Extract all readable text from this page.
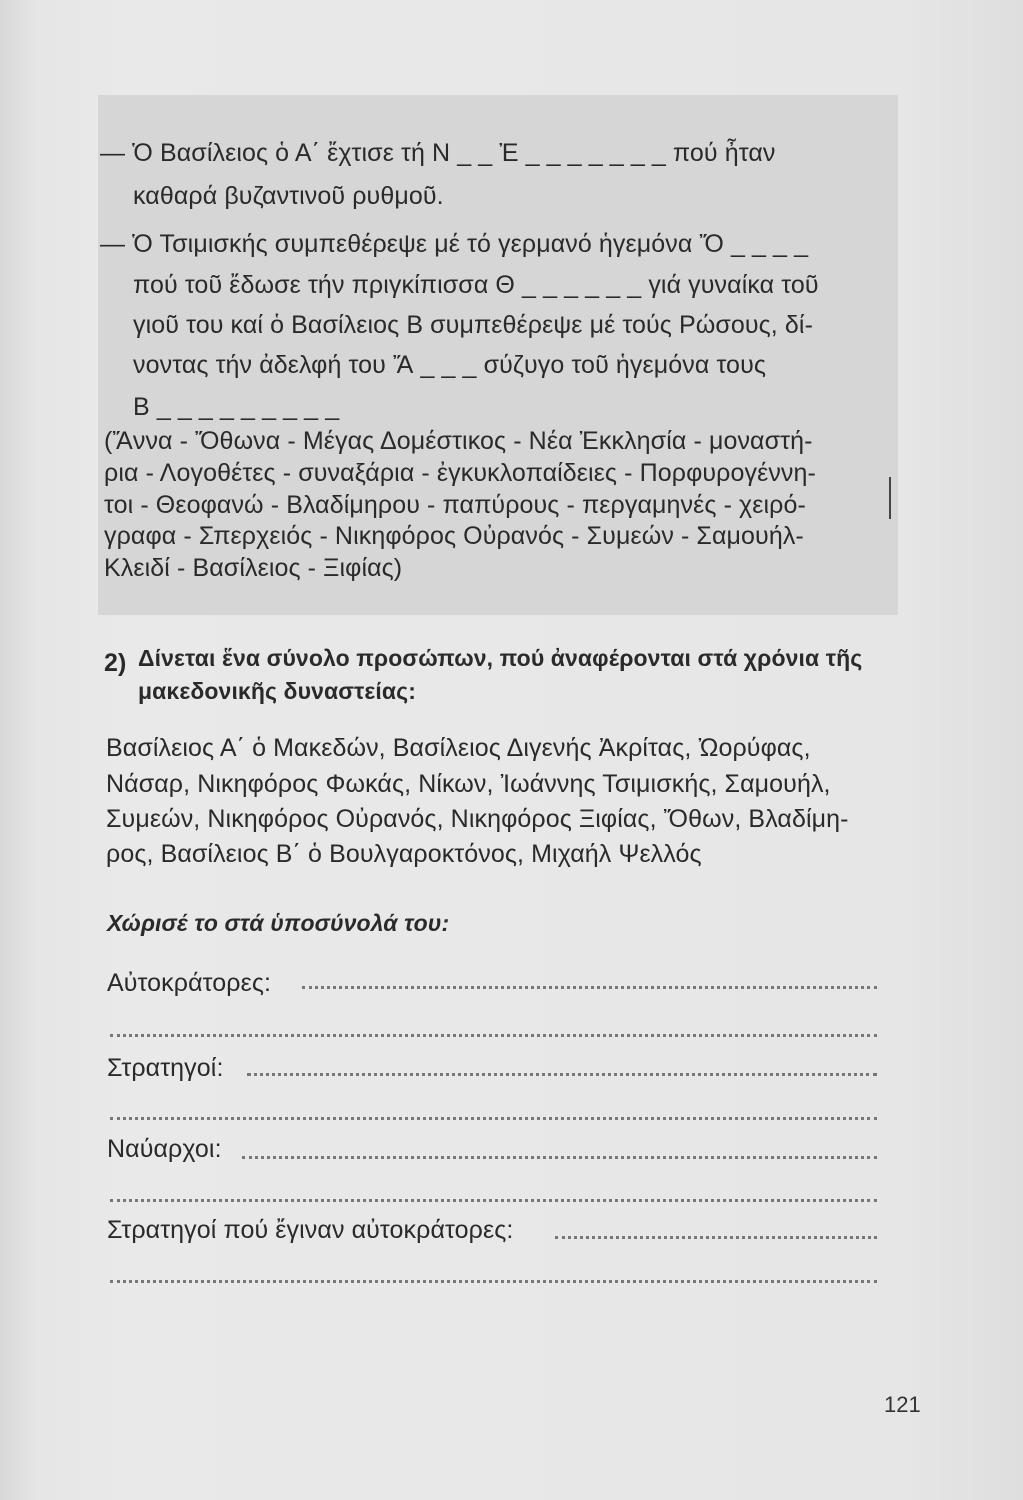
— Ὁ Βασίλειος ὁ Α΄ ἔχτισε τή Ν _ _ Ἐ _ _ _ _ _ _ _ πού ἦταν
καθαρά βυζαντινοῦ ρυθμοῦ.
— Ὁ Τσιμισκής συμπεθέρεψε μέ τό γερμανό ἡγεμόνα Ὄ _ _ _ _
πού τοῦ ἔδωσε τήν πριγκίπισσα Θ _ _ _ _ _ _ γιά γυναίκα τοῦ
γιοῦ του καί ὁ Βασίλειος Β συμπεθέρεψε μέ τούς Ρώσους, δί-
νοντας τήν ἀδελφή του Ἄ _ _ _ σύζυγο τοῦ ἡγεμόνα τους
Β _ _ _ _ _ _ _ _ _
(Ἄννα - Ὄθωνα - Μέγας Δομέστικος - Νέα Ἐκκλησία - μοναστή-
ρια - Λογοθέτες - συναξάρια - ἐγκυκλοπαίδειες - Πορφυρογέννη-
τοι - Θεοφανώ - Βλαδίμηρου - παπύρους - περγαμηνές - χειρό-
γραφα - Σπερχειός - Νικηφόρος Οὐρανός - Συμεών - Σαμουήλ-
Κλειδί - Βασίλειος - Ξιφίας)
2) Δίνεται ἕνα σύνολο προσώπων, πού ἀναφέρονται στά χρόνια τῆς
μακεδονικῆς δυναστείας:
Βασίλειος Α΄ ὁ Μακεδών, Βασίλειος Διγενής Ἀκρίτας, Ὠορύφας,
Νάσαρ, Νικηφόρος Φωκάς, Νίκων, Ἰωάννης Τσιμισκής, Σαμουήλ,
Συμεών, Νικηφόρος Οὐρανός, Νικηφόρος Ξιφίας, Ὄθων, Βλαδίμη-
ρος, Βασίλειος Β΄ ὁ Βουλγαροκτόνος, Μιχαήλ Ψελλός
Χώρισέ το στά ὑποσύνολά του:
Αὐτοκράτορες:
Στρατηγοί:
Ναύαρχοι:
Στρατηγοί πού ἔγιναν αὐτοκράτορες:
121
